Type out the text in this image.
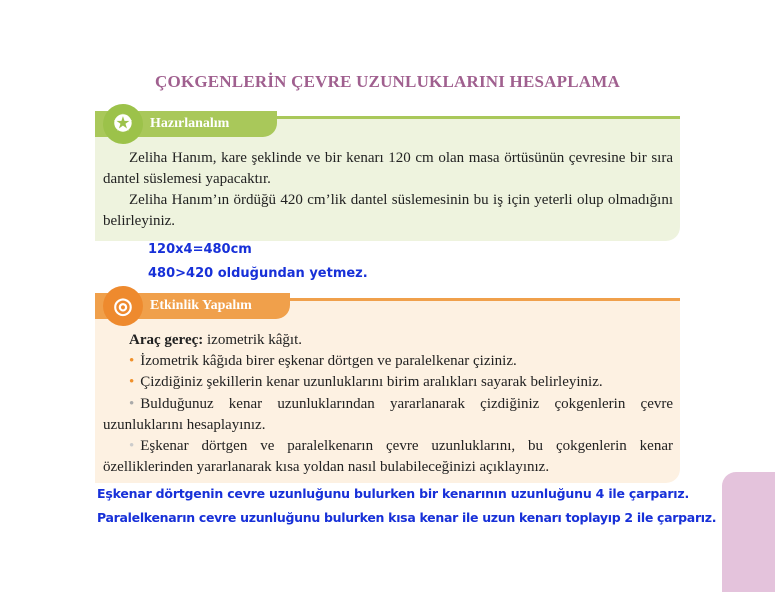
ÇOKGENLERİN ÇEVRE UZUNLUKLARINI HESAPLAMA
Hazırlanalım
✪
Zeliha Hanım, kare şeklinde ve bir kenarı 120 cm olan masa örtüsünün çevresine bir sıra dantel süslemesi yapacaktır.
Zeliha Hanım’ın ördüğü 420 cm’lik dantel süslemesinin bu iş için yeterli olup olmadığını belirleyiniz.
120x4=480cm
480>420 olduğundan yetmez.
Etkinlik Yapalım
◎
Araç gereç: izometrik kâğıt.
• İzometrik kâğıda birer eşkenar dörtgen ve paralelkenar çiziniz.
• Çizdiğiniz şekillerin kenar uzunluklarını birim aralıkları sayarak belirleyiniz.
• Bulduğunuz kenar uzunluklarından yararlanarak çizdiğiniz çokgenlerin çevre uzunluklarını hesaplayınız.
• Eşkenar dörtgen ve paralelkenarın çevre uzunluklarını, bu çokgenlerin kenar özelliklerinden yararlanarak kısa yoldan nasıl bulabileceğinizi açıklayınız.
Eşkenar dörtgenin cevre uzunluğunu bulurken bir kenarının uzunluğunu 4 ile çarparız.
Paralelkenarın cevre uzunluğunu bulurken kısa kenar ile uzun kenarı toplayıp 2 ile çarparız.
